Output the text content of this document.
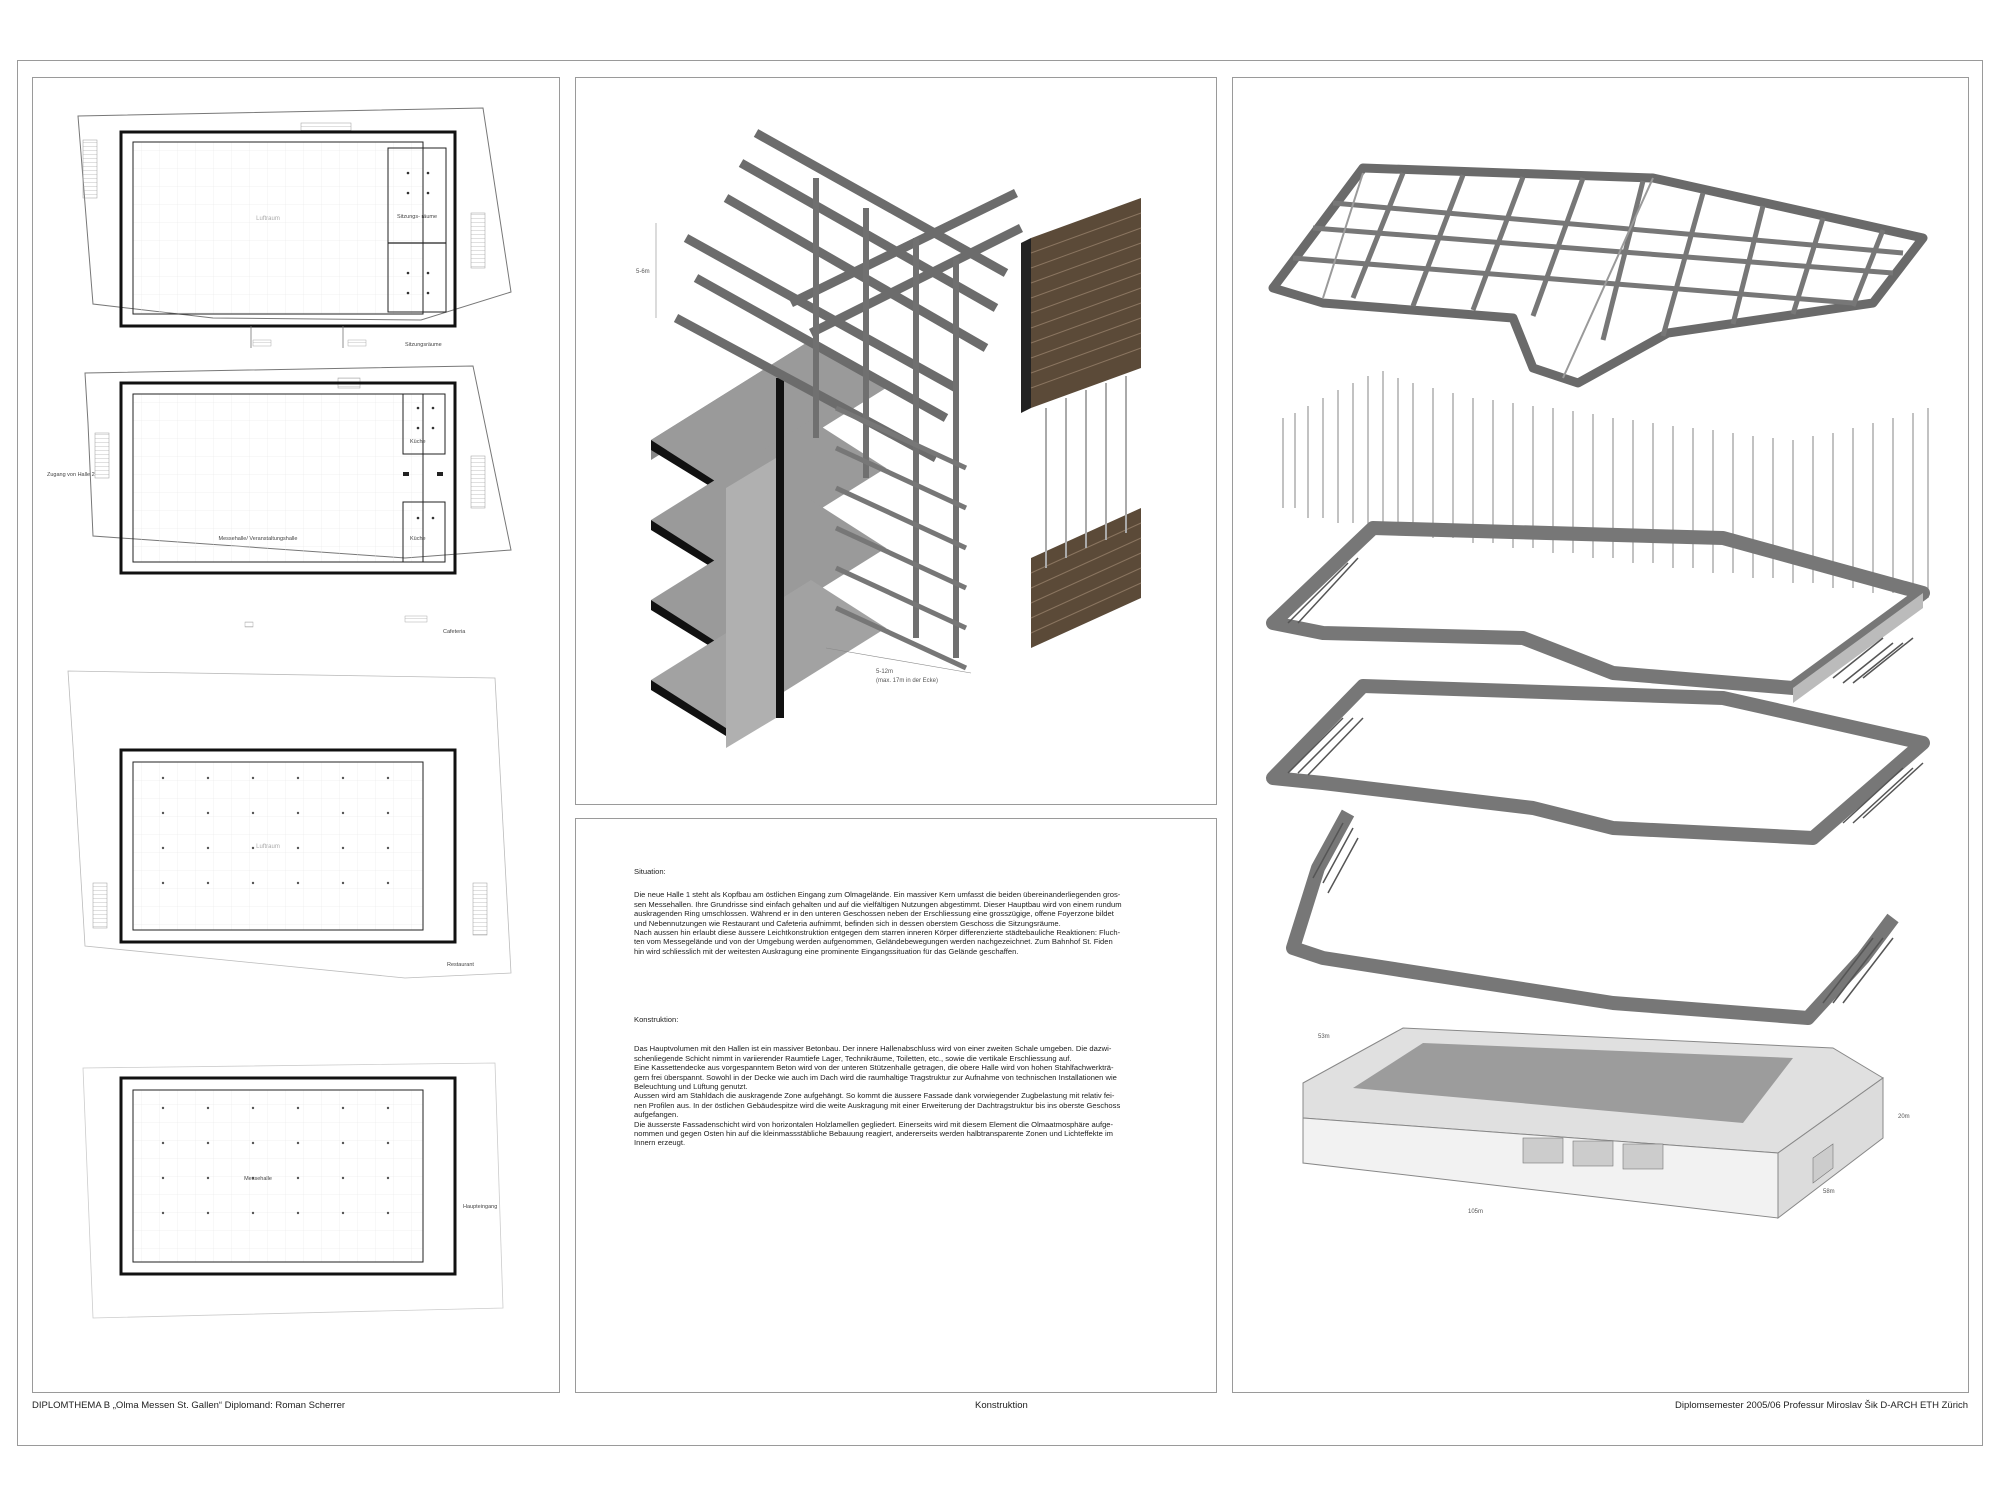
Luftraum	Sitzungs- räume
Sitzungsräume
Zugang von Halle 2
Messehalle/ Veranstaltungshalle
Küche
Küche
Cafeteria
Luftraum
Restaurant
Messehalle
Haupteingang
5-6m
5-12m
(max. 17m in der Ecke)

Situation:

Die neue Halle 1 steht als Kopfbau am östlichen Eingang zum Olmagelände. Ein massiver Kern umfasst die beiden übereinanderliegenden gros-

sen Messehallen. Ihre Grundrisse sind einfach gehalten und auf die vielfältigen Nutzungen abgestimmt. Dieser Hauptbau wird von einem rundum

auskragenden Ring umschlossen. Während er in den unteren Geschossen neben der Erschliessung eine grosszügige, offene Foyerzone bildet

und Nebennutzungen wie Restaurant und Cafeteria aufnimmt, befinden sich in dessen oberstem Geschoss die Sitzungsräume.

Nach aussen hin erlaubt diese äussere Leichtkonstruktion entgegen dem starren inneren Körper differenzierte städtebauliche Reaktionen: Fluch-

ten vom Messegelände und von der Umgebung werden aufgenommen, Geländebewegungen werden nachgezeichnet. Zum Bahnhof St. Fiden

hin wird schliesslich mit der weitesten Auskragung eine prominente Eingangssituation für das Gelände geschaffen.

Konstruktion:

Das Hauptvolumen mit den Hallen ist ein massiver Betonbau. Der innere Hallenabschluss wird von einer zweiten Schale umgeben. Die dazwi-

schenliegende Schicht nimmt in variierender Raumtiefe Lager, Technikräume, Toiletten, etc., sowie die vertikale Erschliessung auf.

Eine Kassettendecke aus vorgespanntem Beton wird von der unteren Stützenhalle getragen, die obere Halle wird von hohen Stahlfachwerkträ-

gern frei überspannt. Sowohl in der Decke wie auch im Dach wird die raumhaltige Tragstruktur zur Aufnahme von technischen Installationen wie

Beleuchtung und Lüftung genutzt.

Aussen wird am Stahldach die auskragende Zone aufgehängt. So kommt die äussere Fassade dank vorwiegender Zugbelastung mit relativ fei-

nen Profilen aus. In der östlichen Gebäudespitze wird die weite Auskragung mit einer Erweiterung der Dachtragstruktur bis ins oberste Geschoss

aufgefangen.

Die äusserste Fassadenschicht wird von horizontalen Holzlamellen gegliedert. Einerseits wird mit diesem Element die Olmaatmosphäre aufge-

nommen und gegen Osten hin auf die kleinmassstäbliche Bebauung reagiert, andererseits werden halbtransparente Zonen und Lichteffekte im

Innern erzeugt.

53m
20m
105m
58m
DIPLOMTHEMA B „Olma Messen St. Gallen“ Diplomand: Roman Scherrer	Konstruktion	Diplomsemester 2005/06 Professur Miroslav Šik D-ARCH ETH Zürich
